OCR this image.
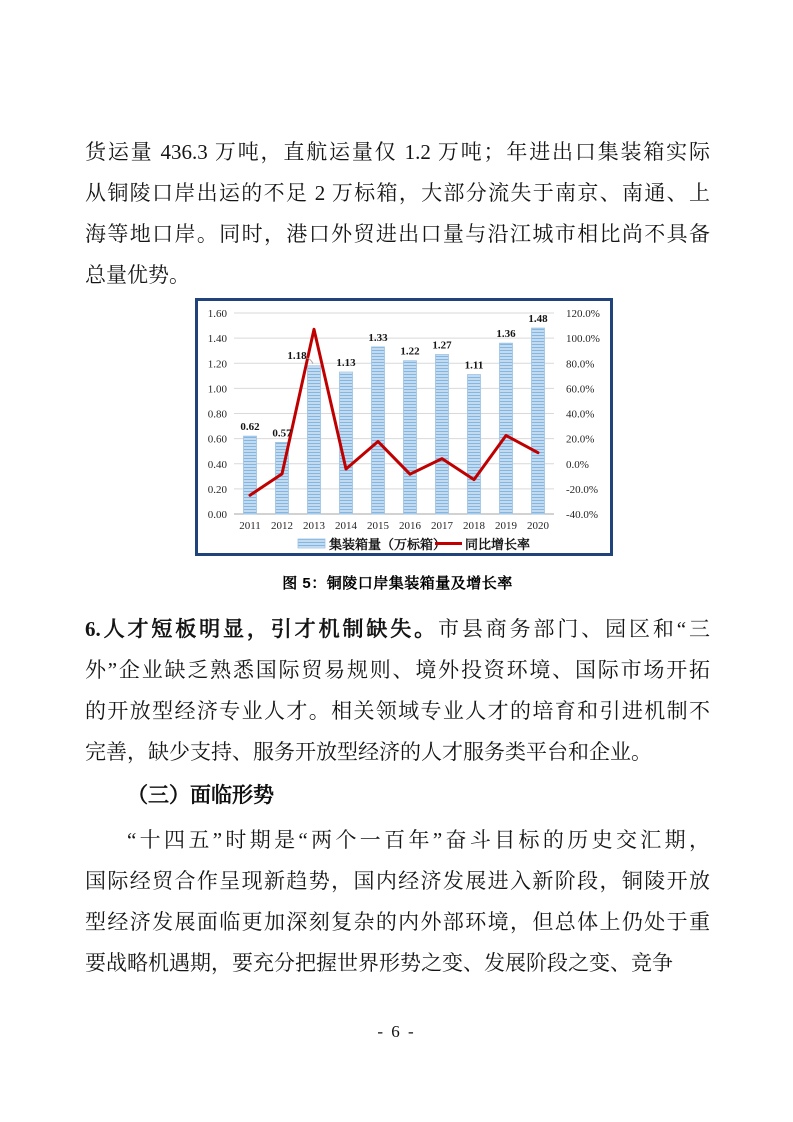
货运量 436.3 万吨，直航运量仅 1.2 万吨；年进出口集装箱实际
从铜陵口岸出运的不足 2 万标箱，大部分流失于南京、南通、上
海等地口岸。同时，港口外贸进出口量与沿江城市相比尚不具备
总量优势。
0.00	-40.0%
0.20	-20.0%
0.40	0.0%
0.60	20.0%
0.80	40.0%
1.00	60.0%
1.20	80.0%
1.40	100.0%
1.60	120.0%
2011 2012 2013 2014 2015 2016 2017 2018 2019 2020
0.62
0.57
1.18
1.13
1.33
1.22
1.27
1.11
1.36
1.48
集装箱量（万标箱） 同比增长率
图 5：铜陵口岸集装箱量及增长率
6.人才短板明显，引才机制缺失。市县商务部门、园区和“三
外”企业缺乏熟悉国际贸易规则、境外投资环境、国际市场开拓
的开放型经济专业人才。相关领域专业人才的培育和引进机制不
完善，缺少支持、服务开放型经济的人才服务类平台和企业。
（三）面临形势
“十四五”时期是“两个一百年”奋斗目标的历史交汇期，
国际经贸合作呈现新趋势，国内经济发展进入新阶段，铜陵开放
型经济发展面临更加深刻复杂的内外部环境，但总体上仍处于重
要战略机遇期，要充分把握世界形势之变、发展阶段之变、竞争
- 6 -
